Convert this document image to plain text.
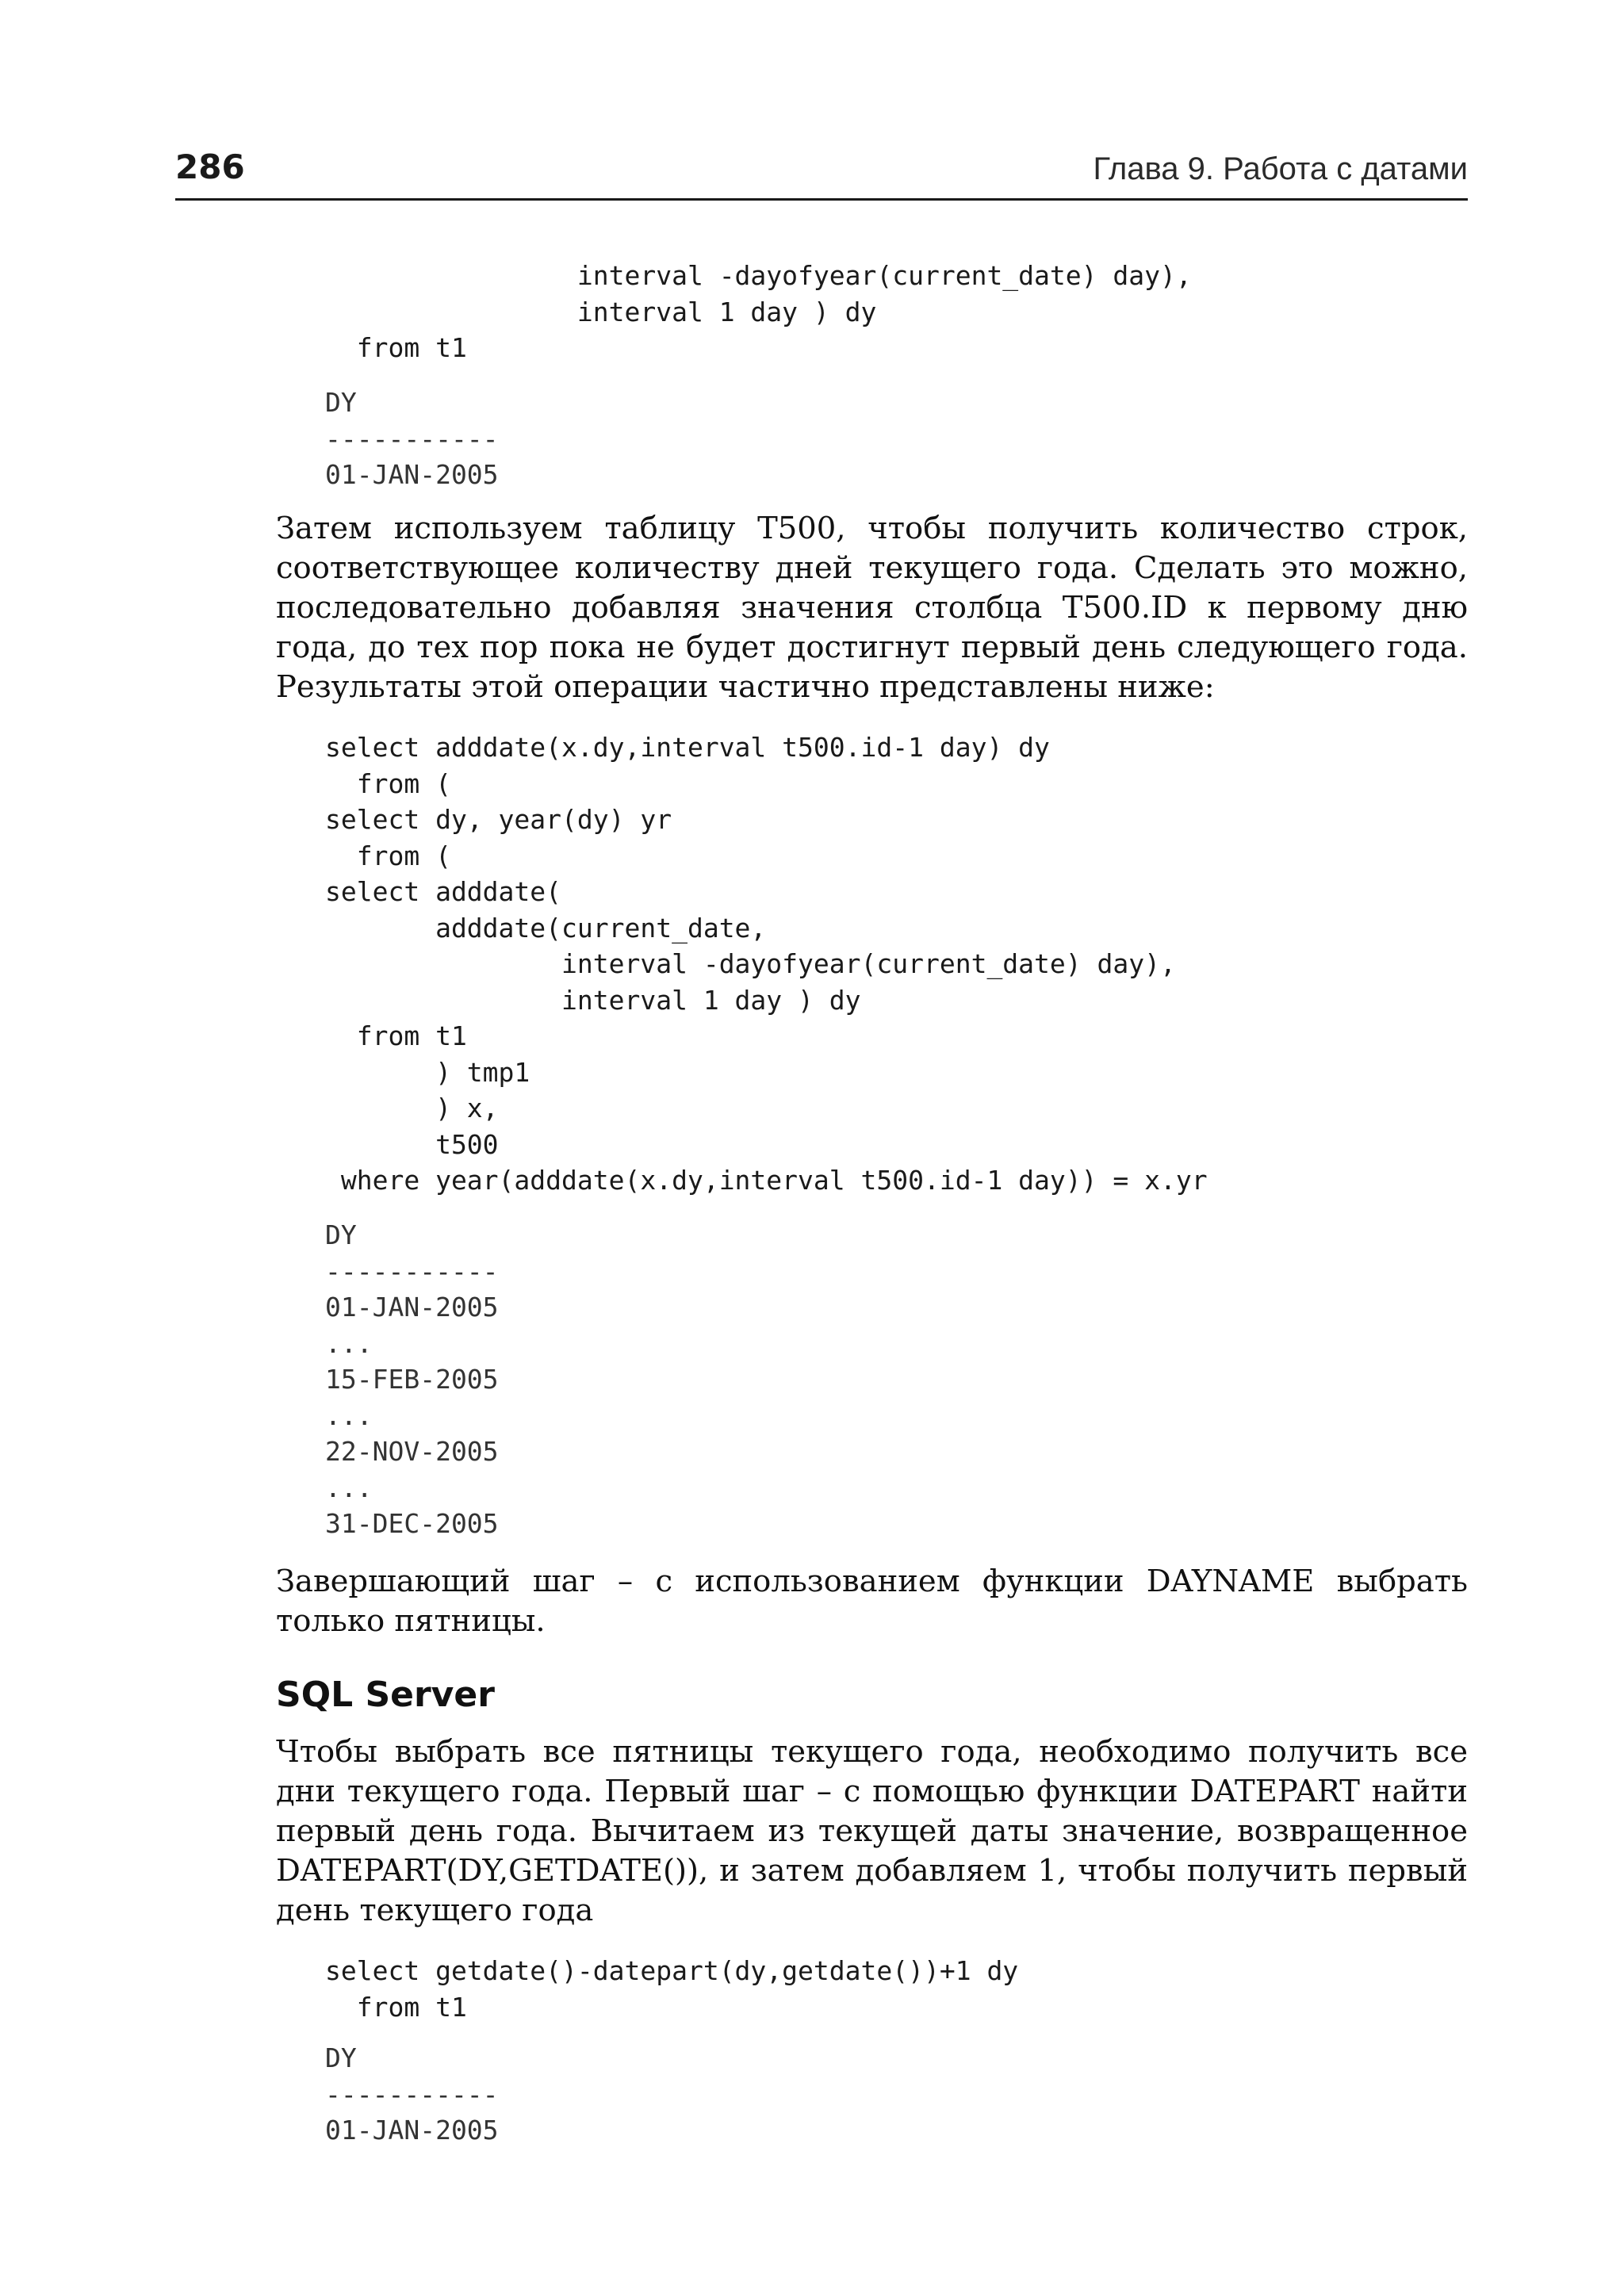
286	Глава 9. Работа с датами
interval -dayofyear(current_date) day),
interval 1 day ) dy
from t1
DY
-----------
01-JAN-2005

Затем используем таблицу T500, чтобы получить количество строк, соответствующее количеству дней текущего года. Сделать это можно, последовательно добавляя значения столбца T500.ID к первому дню года, до тех пор пока не будет достигнут первый день следующего года. Результаты этой операции частично представлены ниже:

select adddate(x.dy,interval t500.id-1 day) dy
from (
select dy, year(dy) yr
from (
select adddate(
adddate(current_date,
interval -dayofyear(current_date) day),
interval 1 day ) dy
from t1
) tmp1
) x,
t500
where year(adddate(x.dy,interval t500.id-1 day)) = x.yr
DY
-----------
01-JAN-2005
...
15-FEB-2005
...
22-NOV-2005
...
31-DEC-2005

Завершающий шаг – с использованием функции DAYNAME выбрать только пятницы.

SQL Server

Чтобы выбрать все пятницы текущего года, необходимо получить все дни текущего года. Первый шаг – с помощью функции DATEPART найти первый день года. Вычитаем из текущей даты значение, возвращенное DATEPART(DY,GETDATE()), и затем добавляем 1, чтобы получить первый день текущего года

select getdate()-datepart(dy,getdate())+1 dy
from t1
DY
-----------
01-JAN-2005
